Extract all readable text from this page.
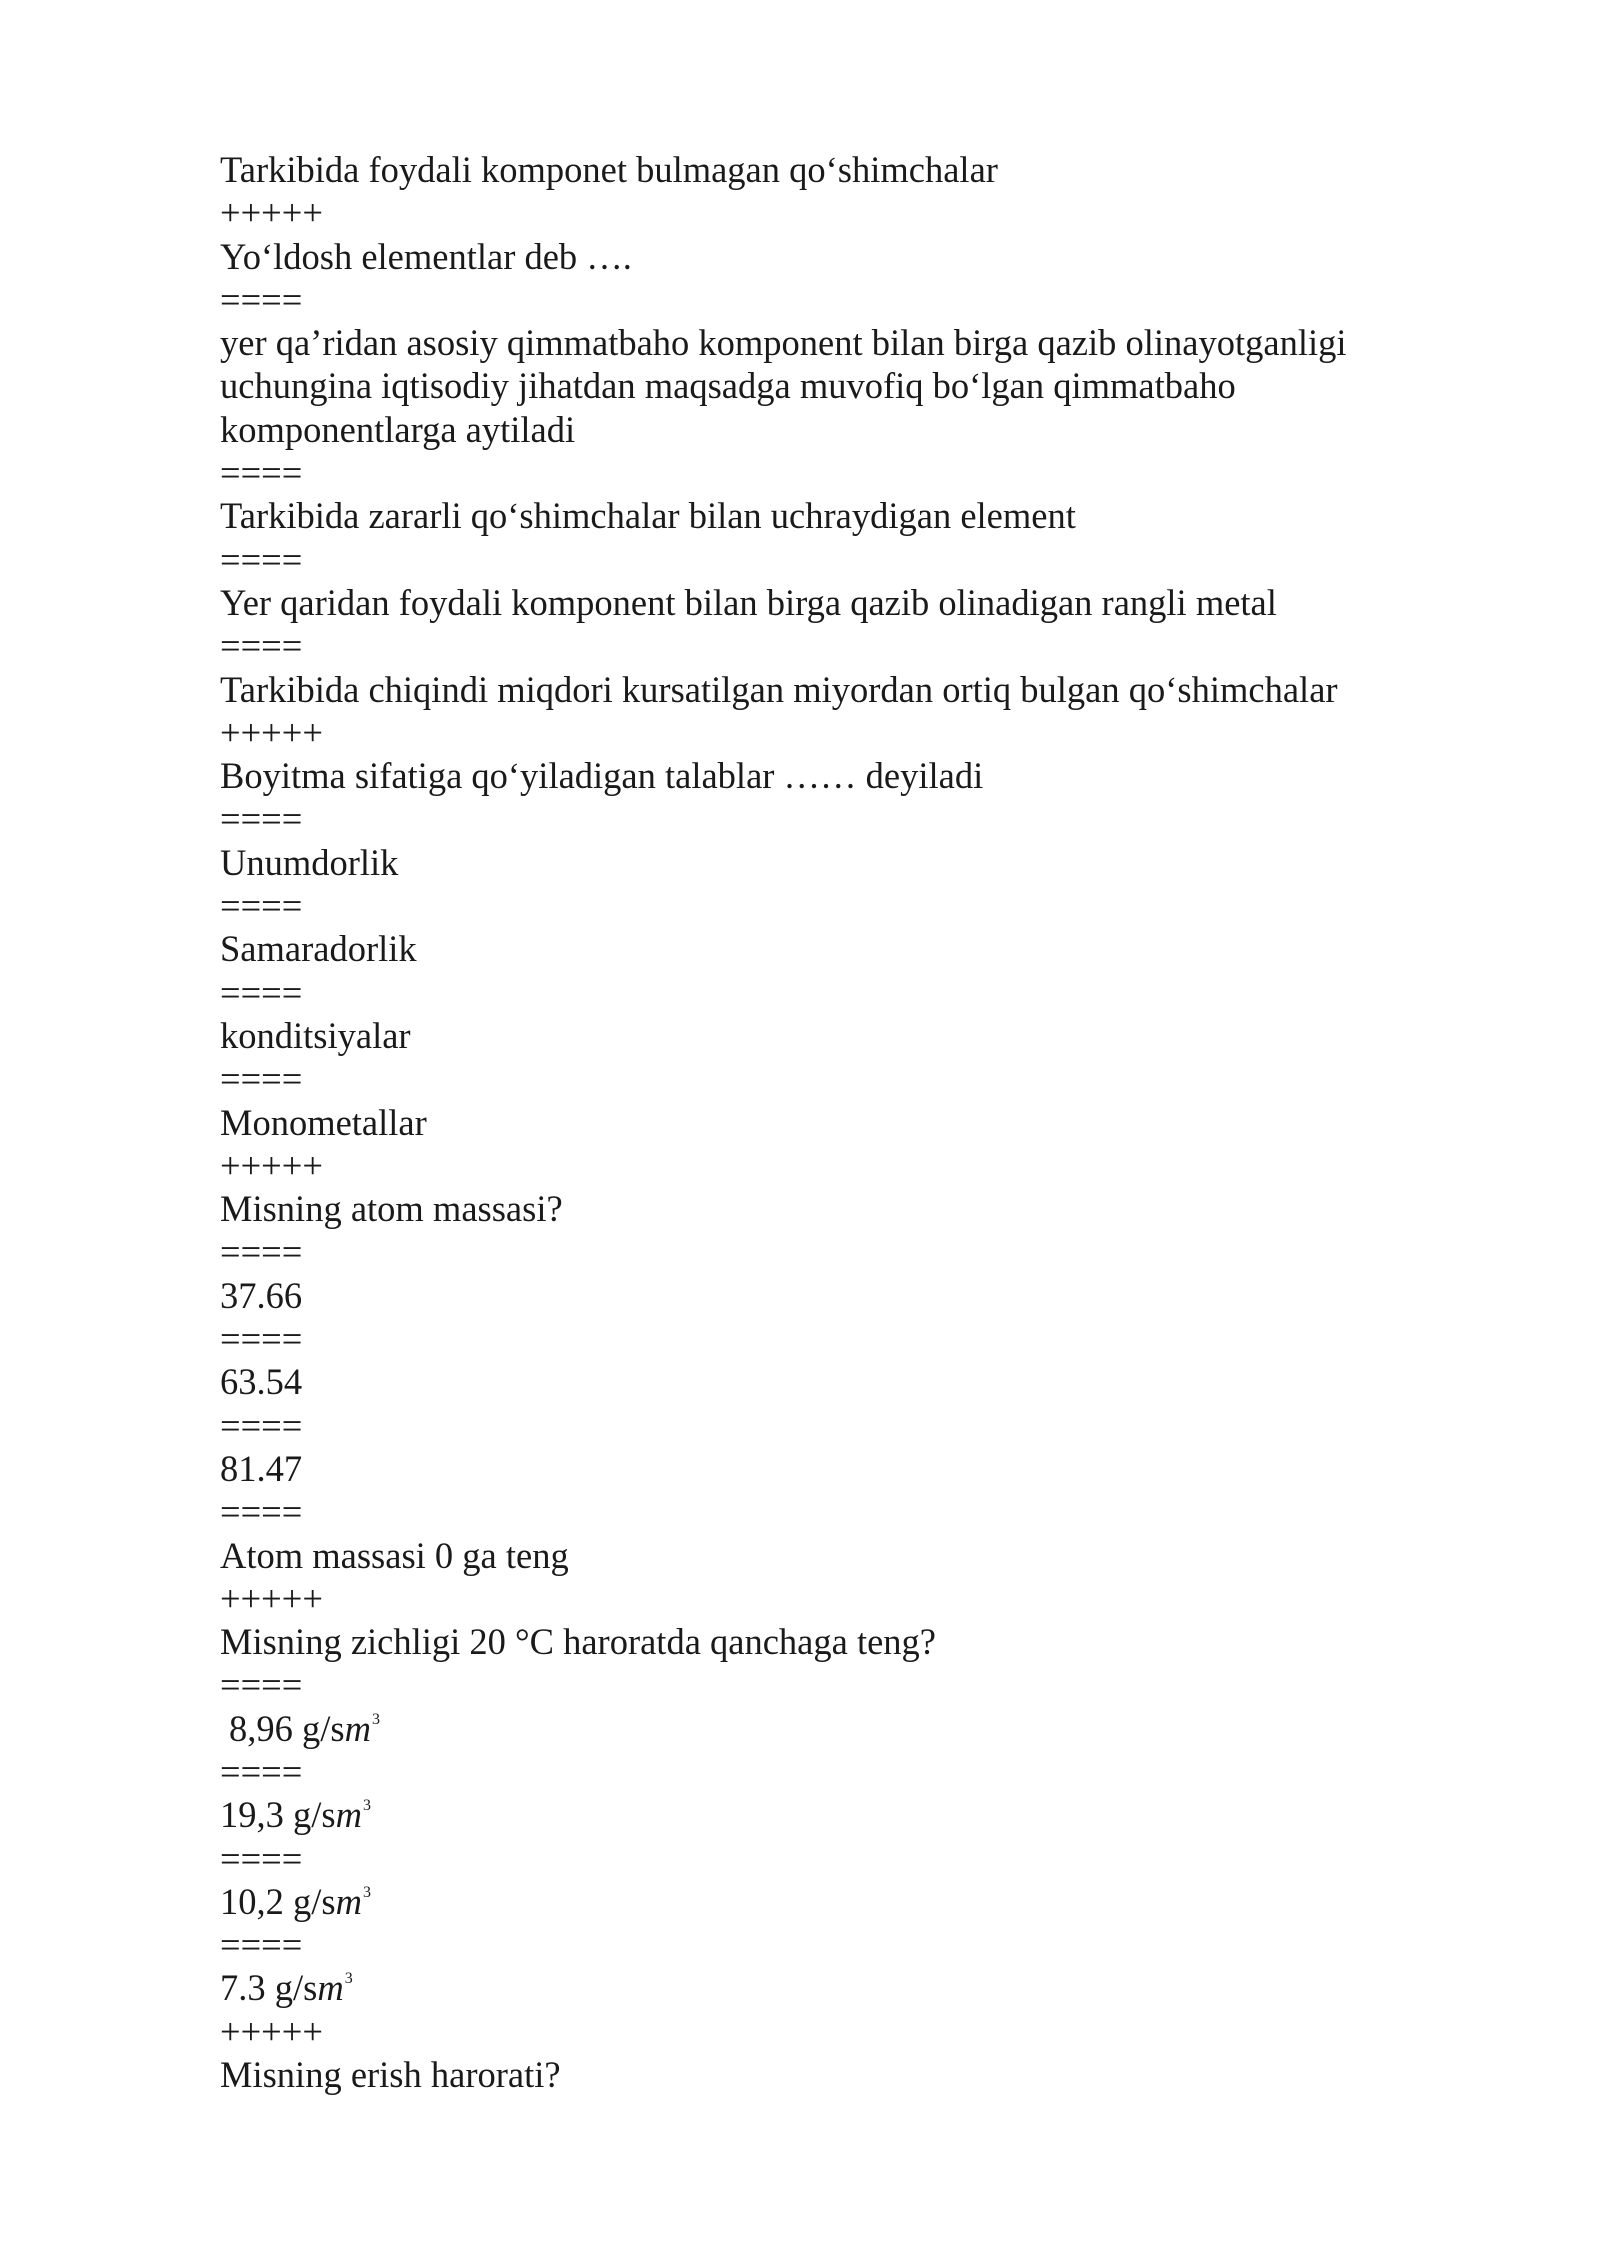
Tarkibida foydali komponet bulmagan qo‘shimchalar
+++++
Yo‘ldosh elementlar deb ….
====
yer qa’ridan asosiy qimmatbaho komponent bilan birga qazib olinayotganligi uchungina iqtisodiy jihatdan maqsadga muvofiq bo‘lgan qimmatbaho komponentlarga aytiladi
====
Tarkibida zararli qo‘shimchalar bilan uchraydigan element
====
Yer qaridan foydali komponent bilan birga qazib olinadigan rangli metal
====
Tarkibida chiqindi miqdori kursatilgan miyordan ortiq bulgan qo‘shimchalar
+++++
Boyitma sifatiga qo‘yiladigan talablar …… deyiladi
====
Unumdorlik
====
Samaradorlik
====
konditsiyalar
====
Monometallar
+++++
Misning atom massasi?
====
37.66
====
63.54
====
81.47
====
Atom massasi 0 ga teng
+++++
Misning zichligi 20 °C haroratda qanchaga teng?
====
8,96 $g/sm^3$
====
19,3 $g/sm^3$
====
10,2 $g/sm^3$
====
7.3 $g/sm^3$
+++++
Misning erish harorati?
